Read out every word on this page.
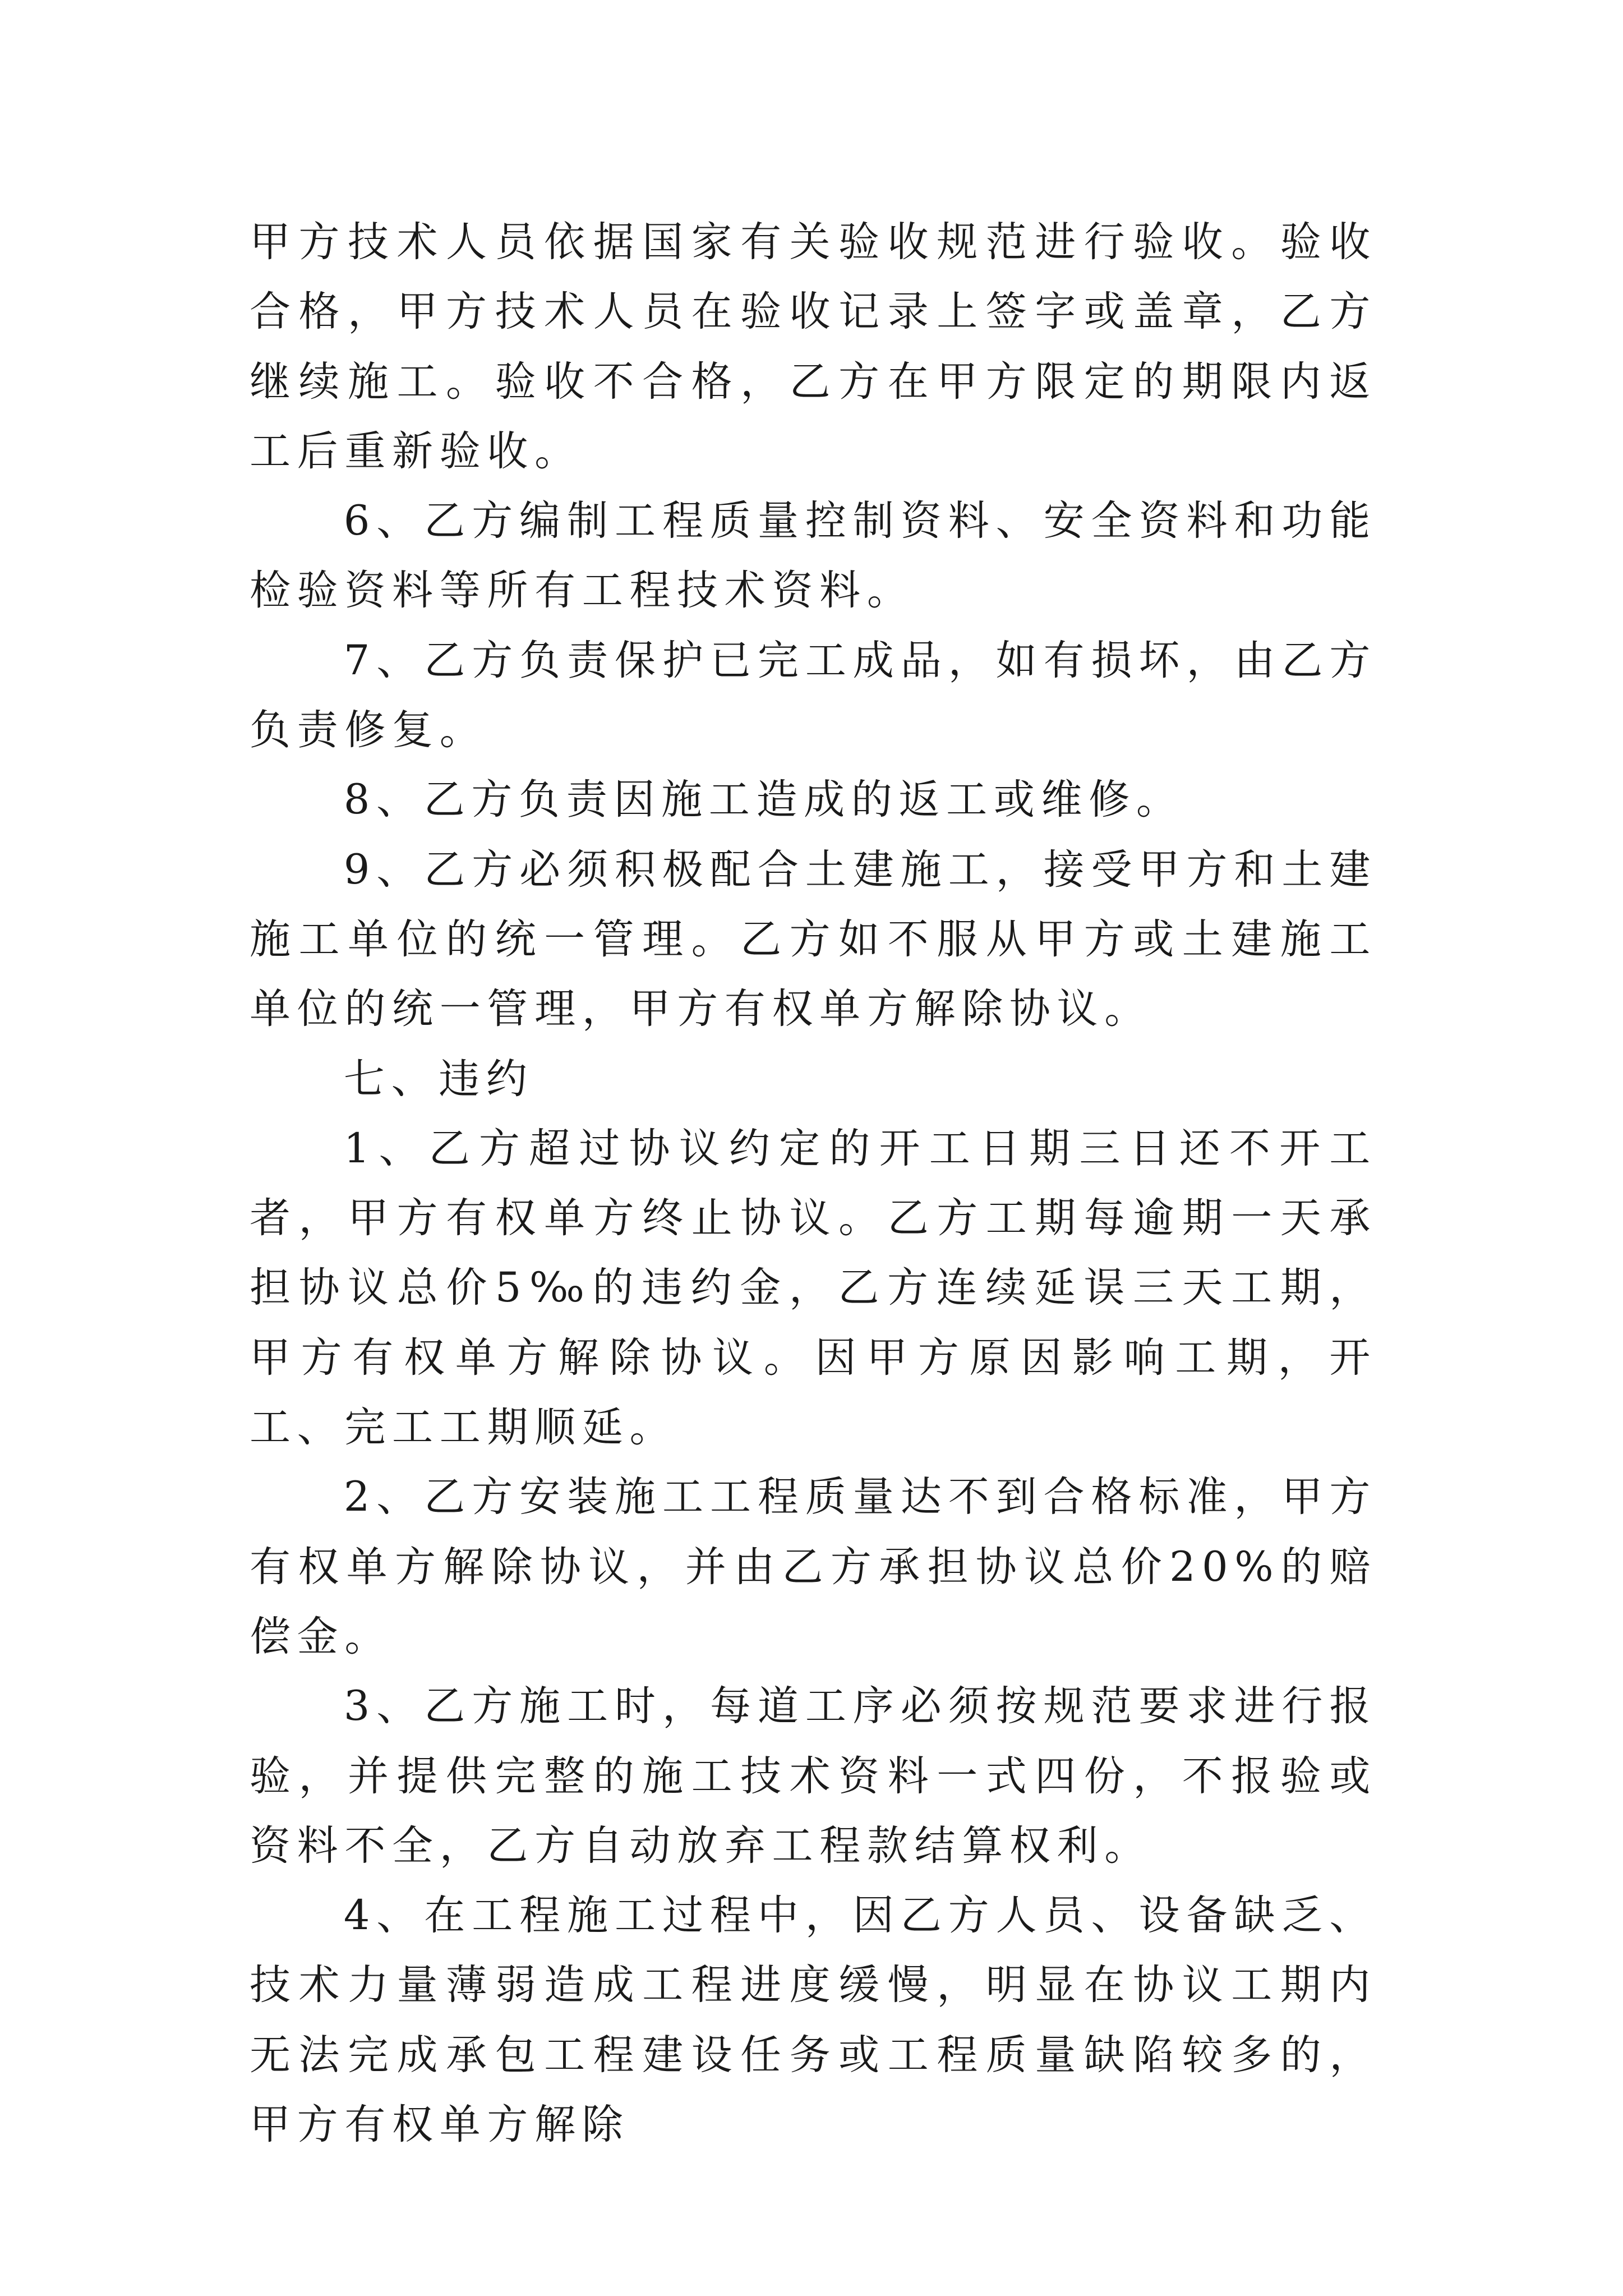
甲方技术人员依据国家有关验收规范进行验收。验收合格，甲方技术人员在验收记录上签字或盖章，乙方继续施工。验收不合格，乙方在甲方限定的期限内返工后重新验收。

6、乙方编制工程质量控制资料、安全资料和功能检验资料等所有工程技术资料。

7、乙方负责保护已完工成品，如有损坏，由乙方负责修复。

8、乙方负责因施工造成的返工或维修。

9、乙方必须积极配合土建施工，接受甲方和土建施工单位的统一管理。乙方如不服从甲方或土建施工单位的统一管理，甲方有权单方解除协议。

七、违约

1、乙方超过协议约定的开工日期三日还不开工者，甲方有权单方终止协议。乙方工期每逾期一天承担协议总价5‰的违约金，乙方连续延误三天工期，甲方有权单方解除协议。因甲方原因影响工期，开工、完工工期顺延。

2、乙方安装施工工程质量达不到合格标准，甲方有权单方解除协议，并由乙方承担协议总价20%的赔偿金。

3、乙方施工时，每道工序必须按规范要求进行报验，并提供完整的施工技术资料一式四份，不报验或资料不全，乙方自动放弃工程款结算权利。

4、在工程施工过程中，因乙方人员、设备缺乏、技术力量薄弱造成工程进度缓慢，明显在协议工期内无法完成承包工程建设任务或工程质量缺陷较多的，甲方有权单方解除
